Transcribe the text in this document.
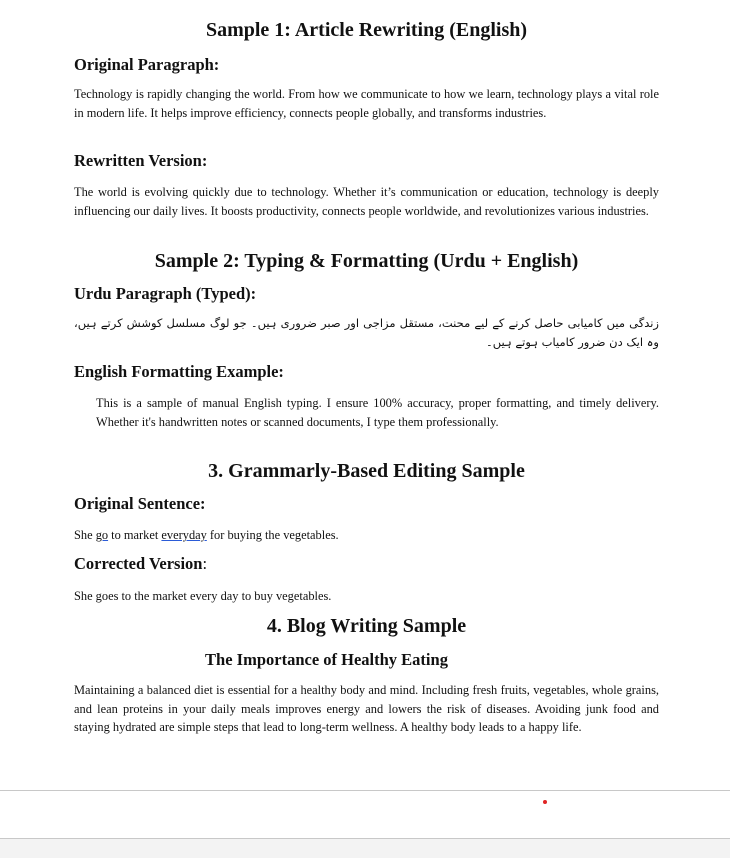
Sample 1: Article Rewriting (English)
Original Paragraph:

Technology is rapidly changing the world. From how we communicate to how we learn, technology plays a vital role in modern life. It helps improve efficiency, connects people globally, and transforms industries.

Rewritten Version:

The world is evolving quickly due to technology. Whether it’s communication or education, technology is deeply influencing our daily lives. It boosts productivity, connects people worldwide, and revolutionizes various industries.

Sample 2: Typing & Formatting (Urdu + English)
Urdu Paragraph (Typed):

زندگی میں کامیابی حاصل کرنے کے لیے محنت، مستقل مزاجی اور صبر ضروری ہیں۔ جو لوگ مسلسل کوشش کرتے ہیں، وہ ایک دن ضرور کامیاب ہوتے ہیں۔

English Formatting Example:

This is a sample of manual English typing. I ensure 100% accuracy, proper formatting, and timely delivery. Whether it's handwritten notes or scanned documents, I type them professionally.

3. Grammarly-Based Editing Sample
Original Sentence:

She go to market everyday for buying the vegetables.

Corrected Version:

She goes to the market every day to buy vegetables.

4. Blog Writing Sample
The Importance of Healthy Eating

Maintaining a balanced diet is essential for a healthy body and mind. Including fresh fruits, vegetables, whole grains, and lean proteins in your daily meals improves energy and lowers the risk of diseases. Avoiding junk food and staying hydrated are simple steps that lead to long-term wellness. A healthy body leads to a happy life.
